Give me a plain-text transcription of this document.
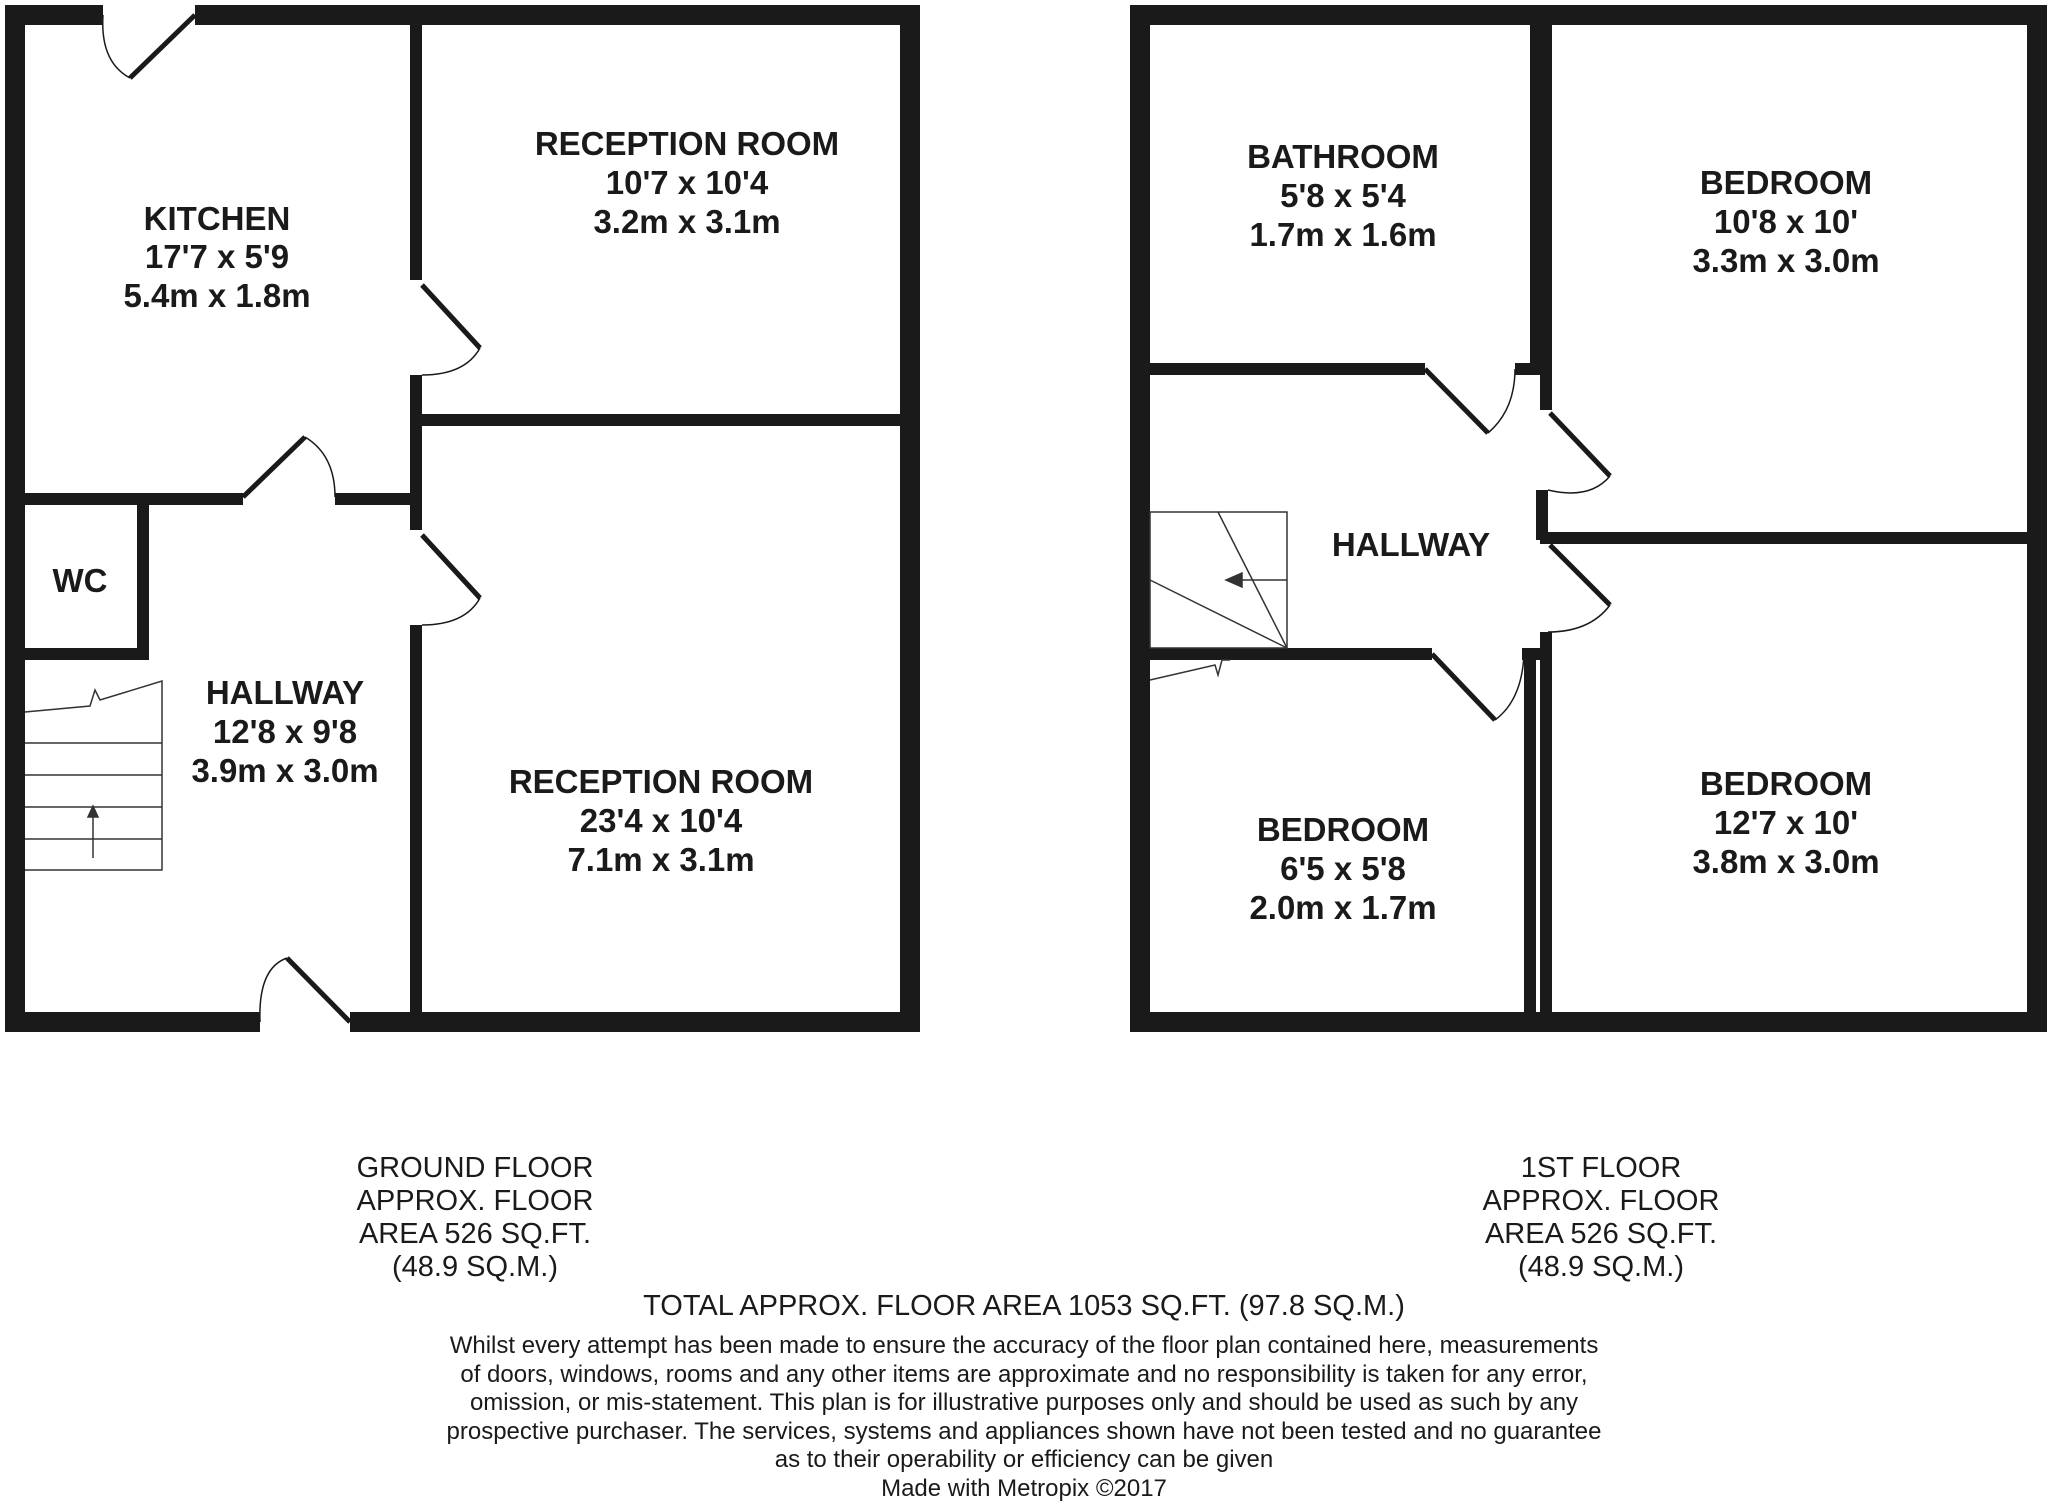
KITCHEN
17'7 x 5'9
5.4m x 1.8m
RECEPTION ROOM
10'7 x 10'4
3.2m x 3.1m
WC
HALLWAY
12'8 x 9'8
3.9m x 3.0m	RECEPTION ROOM
23'4 x 10'4
7.1m x 3.1m
BATHROOM
5'8 x 5'4
1.7m x 1.6m
BEDROOM
10'8 x 10'
3.3m x 3.0m
HALLWAY
BEDROOM
6'5 x 5'8
2.0m x 1.7m
BEDROOM
12'7 x 10'
3.8m x 3.0m
GROUND FLOOR
APPROX. FLOOR
AREA 526 SQ.FT.
(48.9 SQ.M.)
1ST FLOOR
APPROX. FLOOR
AREA 526 SQ.FT.
(48.9 SQ.M.)
TOTAL APPROX. FLOOR AREA 1053 SQ.FT. (97.8 SQ.M.)
Whilst every attempt has been made to ensure the accuracy of the floor plan contained here, measurements
of doors, windows, rooms and any other items are approximate and no responsibility is taken for any error,
omission, or mis-statement. This plan is for illustrative purposes only and should be used as such by any
prospective purchaser. The services, systems and appliances shown have not been tested and no guarantee
as to their operability or efficiency can be given
Made with Metropix ©2017
